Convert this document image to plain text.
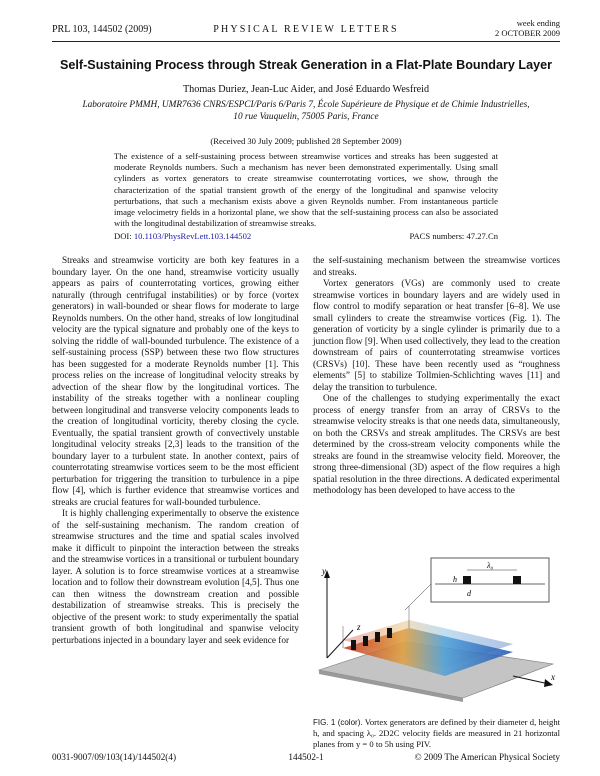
PRL 103, 144502 (2009)	PHYSICAL REVIEW LETTERS
week ending
2 OCTOBER 2009
Self-Sustaining Process through Streak Generation in a Flat-Plate Boundary Layer
Thomas Duriez, Jean-Luc Aider, and José Eduardo Wesfreid
Laboratoire PMMH, UMR7636 CNRS/ESPCI/Paris 6/Paris 7, École Supérieure de Physique et de Chimie Industrielles,
10 rue Vauquelin, 75005 Paris, France
(Received 30 July 2009; published 28 September 2009)
The existence of a self-sustaining process between streamwise vortices and streaks has been suggested at moderate Reynolds numbers. Such a mechanism has never been demonstrated experimentally. Using small cylinders as vortex generators to create streamwise counterrotating vortices, we show, through the characterization of the spatial transient growth of the energy of the longitudinal and spanwise velocity perturbations, that such a mechanism exists above a given Reynolds number. From instantaneous particle image velocimetry fields in a horizontal plane, we show that the self-sustaining process can also be associated with the longitudinal destabilization of streamwise streaks.
DOI: 10.1103/PhysRevLett.103.144502	PACS numbers: 47.27.Cn

Streaks and streamwise vorticity are both key features in a boundary layer. On the one hand, streamwise vorticity usually appears as pairs of counterrotating vortices, growing either naturally (through centrifugal instabilities) or by force (vortex generators) in wall-bounded or shear flows for moderate to large Reynolds numbers. On the other hand, streaks of low longitudinal velocity are the typical signature and probably one of the keys to solving the riddle of wall-bounded turbulence. The existence of a self-sustaining process (SSP) between these two flow structures has been suggested for a moderate Reynolds number [1]. This process relies on the increase of longitudinal velocity streaks by advection of the shear flow by the longitudinal vortices. The instability of the streaks together with a nonlinear coupling between longitudinal and transverse velocity components leads to the creation of longitudinal vorticity, thereby closing the cycle. Eventually, the spatial transient growth of convectively unstable longitudinal velocity streaks [2,3] leads to the transition of the boundary layer to a turbulent state. In another context, pairs of counterrotating streamwise vortices seem to be the most efficient perturbation for triggering the transition to turbulence in a pipe flow [4], which is further evidence that streamwise vortices and streaks are crucial features for wall-bounded turbulence.

It is highly challenging experimentally to observe the existence of the self-sustaining mechanism. The random creation of streamwise structures and the time and spatial scales involved make it difficult to pinpoint the interaction between the streaks and the streamwise vortices in a transitional or turbulent boundary layer. A solution is to force streamwise vortices at a streamwise location and to follow their downstream evolution [4,5]. Thus one can then witness the downstream creation and possible destabilization of streamwise streaks. This is precisely the objective of the present work: to study experimentally the spatial transient growth of both longitudinal and spanwise velocity perturbations injected in a boundary layer and seek evidence for

the self-sustaining mechanism between the streamwise vortices and streaks.

Vortex generators (VGs) are commonly used to create streamwise vortices in boundary layers and are widely used in flow control to modify separation or heat transfer [6–8]. We use small cylinders to create the streamwise vortices (Fig. 1). The generation of vorticity by a single cylinder is primarily due to a junction flow [9]. When used collectively, they lead to the creation downstream of pairs of counterrotating streamwise vortices (CRSVs) [10]. These have been recently used as “roughness elements” [5] to stabilize Tollmien-Schlichting waves [11] and delay the transition to turbulence.

One of the challenges to studying experimentally the exact process of energy transfer from an array of CRSVs to the streamwise velocity streaks is that one needs data, simultaneously, on both the CRSVs and streak amplitudes. The CRSVs are best determined by the cross-stream velocity components while the streaks are found in the streamwise velocity field. Moreover, the strong three-dimensional (3D) aspect of the flow requires a high spatial resolution in the three directions. A dedicated experimental methodology has been developed to have access to the

y
z
x
λ₀
h
d
FIG. 1 (color). Vortex generators are defined by their diameter d, height h, and spacing λ₀. 2D2C velocity fields are measured in 21 horizontal planes from y = 0 to 5h using PIV.
0031-9007/09/103(14)/144502(4)	144502-1	© 2009 The American Physical Society
